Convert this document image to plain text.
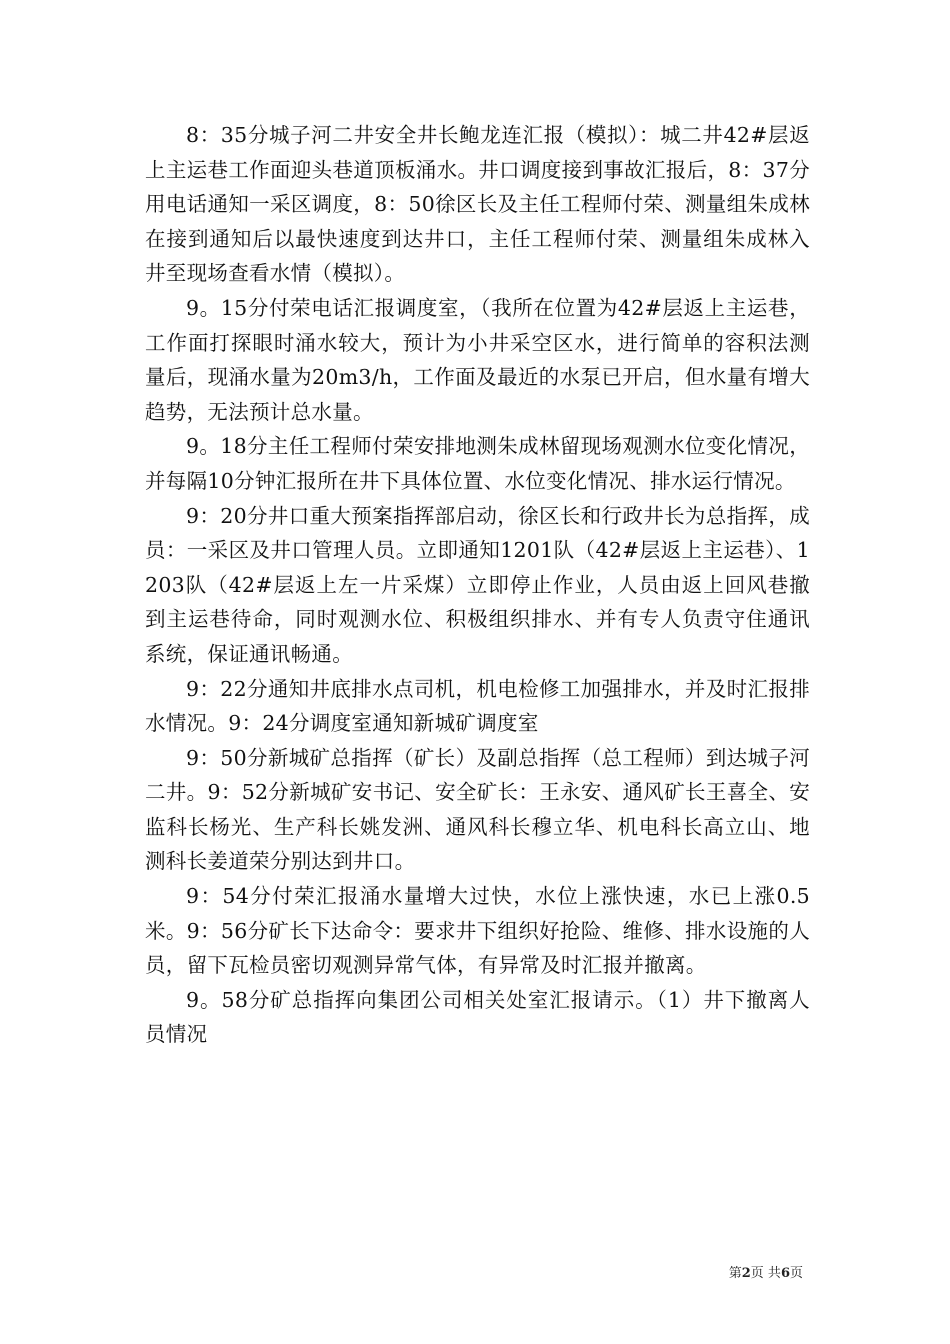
8：35分城子河二井安全井长鲍龙连汇报（模拟）：城二井42#层返上主运巷工作面迎头巷道顶板涌水。井口调度接到事故汇报后，8：37分用电话通知一采区调度，8：50徐区长及主任工程师付荣、测量组朱成林在接到通知后以最快速度到达井口，主任工程师付荣、测量组朱成林入井至现场查看水情（模拟）。

9。15分付荣电话汇报调度室，（我所在位置为42#层返上主运巷，工作面打探眼时涌水较大，预计为小井采空区水，进行简单的容积法测量后，现涌水量为20m3/h，工作面及最近的水泵已开启，但水量有增大趋势，无法预计总水量。

9。18分主任工程师付荣安排地测朱成林留现场观测水位变化情况，并每隔10分钟汇报所在井下具体位置、水位变化情况、排水运行情况。

9：20分井口重大预案指挥部启动，徐区长和行政井长为总指挥，成员：一采区及井口管理人员。立即通知1201队（42#层返上主运巷）、1203队（42#层返上左一片采煤）立即停止作业，人员由返上回风巷撤到主运巷待命，同时观测水位、积极组织排水、并有专人负责守住通讯系统，保证通讯畅通。

9：22分通知井底排水点司机，机电检修工加强排水，并及时汇报排水情况。9：24分调度室通知新城矿调度室

9：50分新城矿总指挥（矿长）及副总指挥（总工程师）到达城子河二井。9：52分新城矿安书记、安全矿长：王永安、通风矿长王喜全、安监科长杨光、生产科长姚发洲、通风科长穆立华、机电科长高立山、地测科长姜道荣分别达到井口。

9：54分付荣汇报涌水量增大过快，水位上涨快速，水已上涨0.5米。9：56分矿长下达命令：要求井下组织好抢险、维修、排水设施的人员，留下瓦检员密切观测异常气体，有异常及时汇报并撤离。

9。58分矿总指挥向集团公司相关处室汇报请示。（1）井下撤离人员情况

第2页 共6页
